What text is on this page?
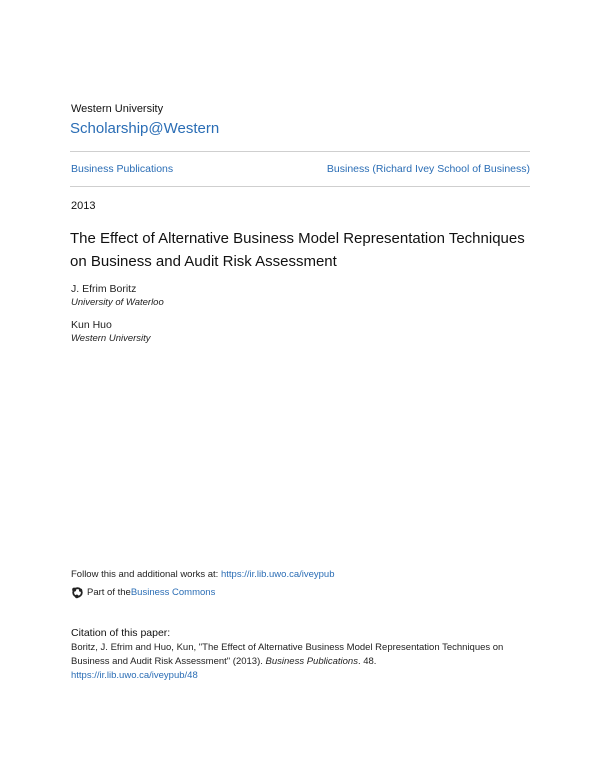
Western University
Scholarship@Western
Business Publications	Business (Richard Ivey School of Business)
2013
The Effect of Alternative Business Model Representation Techniques on Business and Audit Risk Assessment
J. Efrim Boritz
University of Waterloo
Kun Huo
Western University
Follow this and additional works at: https://ir.lib.uwo.ca/iveypub
Part of the Business Commons
Citation of this paper:
Boritz, J. Efrim and Huo, Kun, "The Effect of Alternative Business Model Representation Techniques on Business and Audit Risk Assessment" (2013). Business Publications. 48.
https://ir.lib.uwo.ca/iveypub/48
